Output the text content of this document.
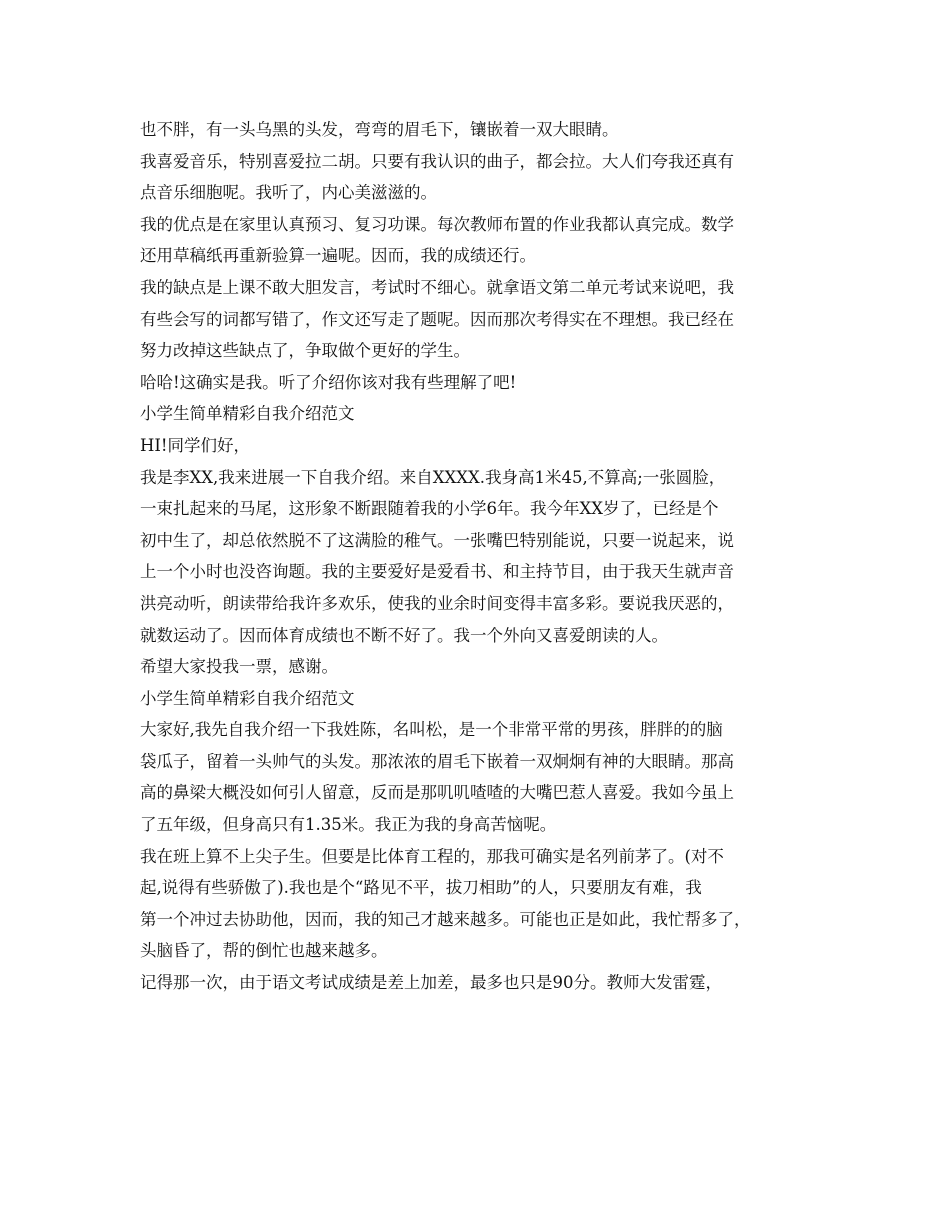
也不胖，有一头乌黑的头发，弯弯的眉毛下，镶嵌着一双大眼睛。
我喜爱音乐，特别喜爱拉二胡。只要有我认识的曲子，都会拉。大人们夸我还真有
点音乐细胞呢。我听了，内心美滋滋的。
我的优点是在家里认真预习、复习功课。每次教师布置的作业我都认真完成。数学
还用草稿纸再重新验算一遍呢。因而，我的成绩还行。
我的缺点是上课不敢大胆发言，考试时不细心。就拿语文第二单元考试来说吧，我
有些会写的词都写错了，作文还写走了题呢。因而那次考得实在不理想。我已经在
努力改掉这些缺点了，争取做个更好的学生。
哈哈!这确实是我。听了介绍你该对我有些理解了吧!
小学生简单精彩自我介绍范文
HI!同学们好，
我是李XX,我来进展一下自我介绍。来自XXXX.我身高1米45,不算高;一张圆脸，
一束扎起来的马尾，这形象不断跟随着我的小学6年。我今年XX岁了，已经是个
初中生了，却总依然脱不了这满脸的稚气。一张嘴巴特别能说，只要一说起来，说
上一个小时也没咨询题。我的主要爱好是爱看书、和主持节目，由于我天生就声音
洪亮动听，朗读带给我许多欢乐，使我的业余时间变得丰富多彩。要说我厌恶的，
就数运动了。因而体育成绩也不断不好了。我一个外向又喜爱朗读的人。
希望大家投我一票，感谢。
小学生简单精彩自我介绍范文
大家好,我先自我介绍一下我姓陈，名叫松，是一个非常平常的男孩，胖胖的的脑
袋瓜子，留着一头帅气的头发。那浓浓的眉毛下嵌着一双炯炯有神的大眼睛。那高
高的鼻梁大概没如何引人留意，反而是那叽叽喳喳的大嘴巴惹人喜爱。我如今虽上
了五年级，但身高只有1.35米。我正为我的身高苦恼呢。
我在班上算不上尖子生。但要是比体育工程的，那我可确实是名列前茅了。(对不
起,说得有些骄傲了).我也是个“路见不平，拔刀相助”的人，只要朋友有难，我
第一个冲过去协助他，因而，我的知己才越来越多。可能也正是如此，我忙帮多了，
头脑昏了，帮的倒忙也越来越多。
记得那一次，由于语文考试成绩是差上加差，最多也只是90分。教师大发雷霆，
